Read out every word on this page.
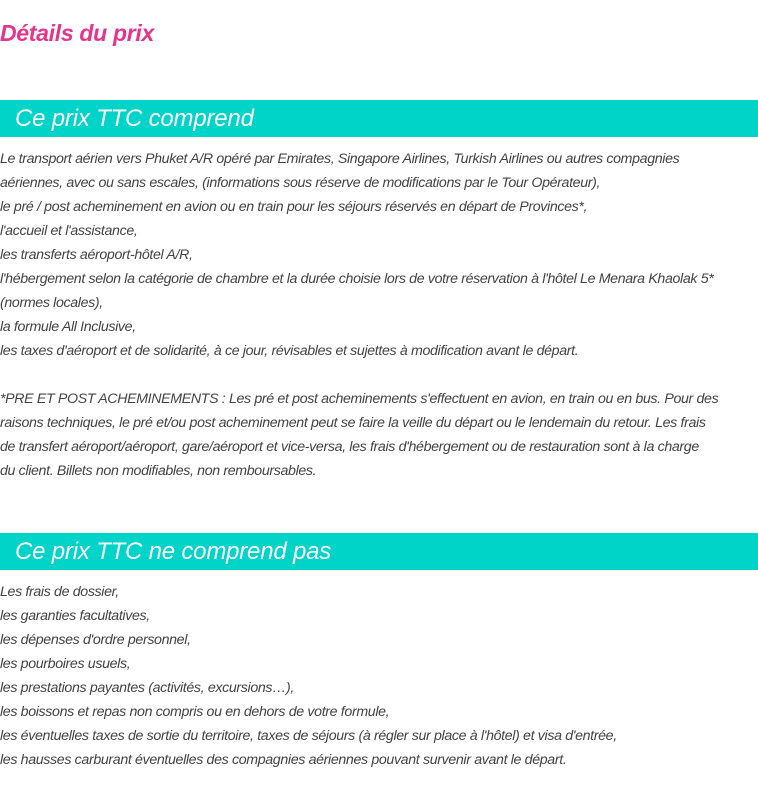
Détails du prix
Ce prix TTC comprend

Le transport aérien vers Phuket A/R opéré par Emirates, Singapore Airlines, Turkish Airlines ou autres compagnies

aériennes, avec ou sans escales, (informations sous réserve de modifications par le Tour Opérateur),

le pré / post acheminement en avion ou en train pour les séjours réservés en départ de Provinces*,

l'accueil et l'assistance,

les transferts aéroport-hôtel A/R,

l'hébergement selon la catégorie de chambre et la durée choisie lors de votre réservation à l'hôtel Le Menara Khaolak 5*

(normes locales),

la formule All Inclusive,

les taxes d'aéroport et de solidarité, à ce jour, révisables et sujettes à modification avant le départ.

*PRE ET POST ACHEMINEMENTS : Les pré et post acheminements s'effectuent en avion, en train ou en bus. Pour des

raisons techniques, le pré et/ou post acheminement peut se faire la veille du départ ou le lendemain du retour. Les frais

de transfert aéroport/aéroport, gare/aéroport et vice-versa, les frais d'hébergement ou de restauration sont à la charge

du client. Billets non modifiables, non remboursables.

Ce prix TTC ne comprend pas

Les frais de dossier,

les garanties facultatives,

les dépenses d'ordre personnel,

les pourboires usuels,

les prestations payantes (activités, excursions…),

les boissons et repas non compris ou en dehors de votre formule,

les éventuelles taxes de sortie du territoire, taxes de séjours (à régler sur place à l'hôtel) et visa d'entrée,

les hausses carburant éventuelles des compagnies aériennes pouvant survenir avant le départ.
